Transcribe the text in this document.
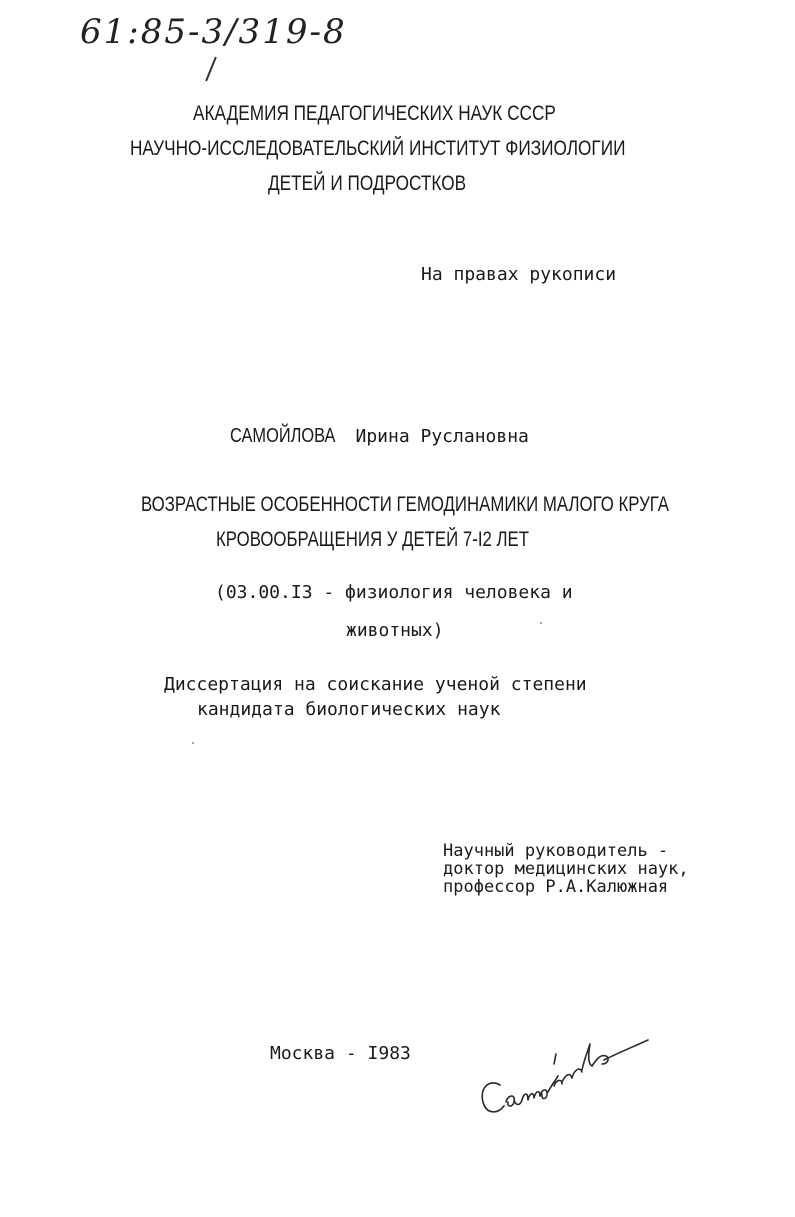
61:85-3/319-8
АКАДЕМИЯ ПЕДАГОГИЧЕСКИХ НАУК СССР
НАУЧНО-ИССЛЕДОВАТЕЛЬСКИЙ ИНСТИТУТ ФИЗИОЛОГИИ
ДЕТЕЙ И ПОДРОСТКОВ
На правах рукописи
САМОЙЛОВА Ирина Руслановна
ВОЗРАСТНЫЕ ОСОБЕННОСТИ ГЕМОДИНАМИКИ МАЛОГО КРУГА
КРОВООБРАЩЕНИЯ У ДЕТЕЙ 7-I2 ЛЕТ
(03.00.I3 - физиология человека и
животных)
Диссертация на соискание ученой степени
кандидата биологических наук
Научный руководитель -
доктор медицинских наук,
профессор Р.А.Калюжная
Москва - I983
